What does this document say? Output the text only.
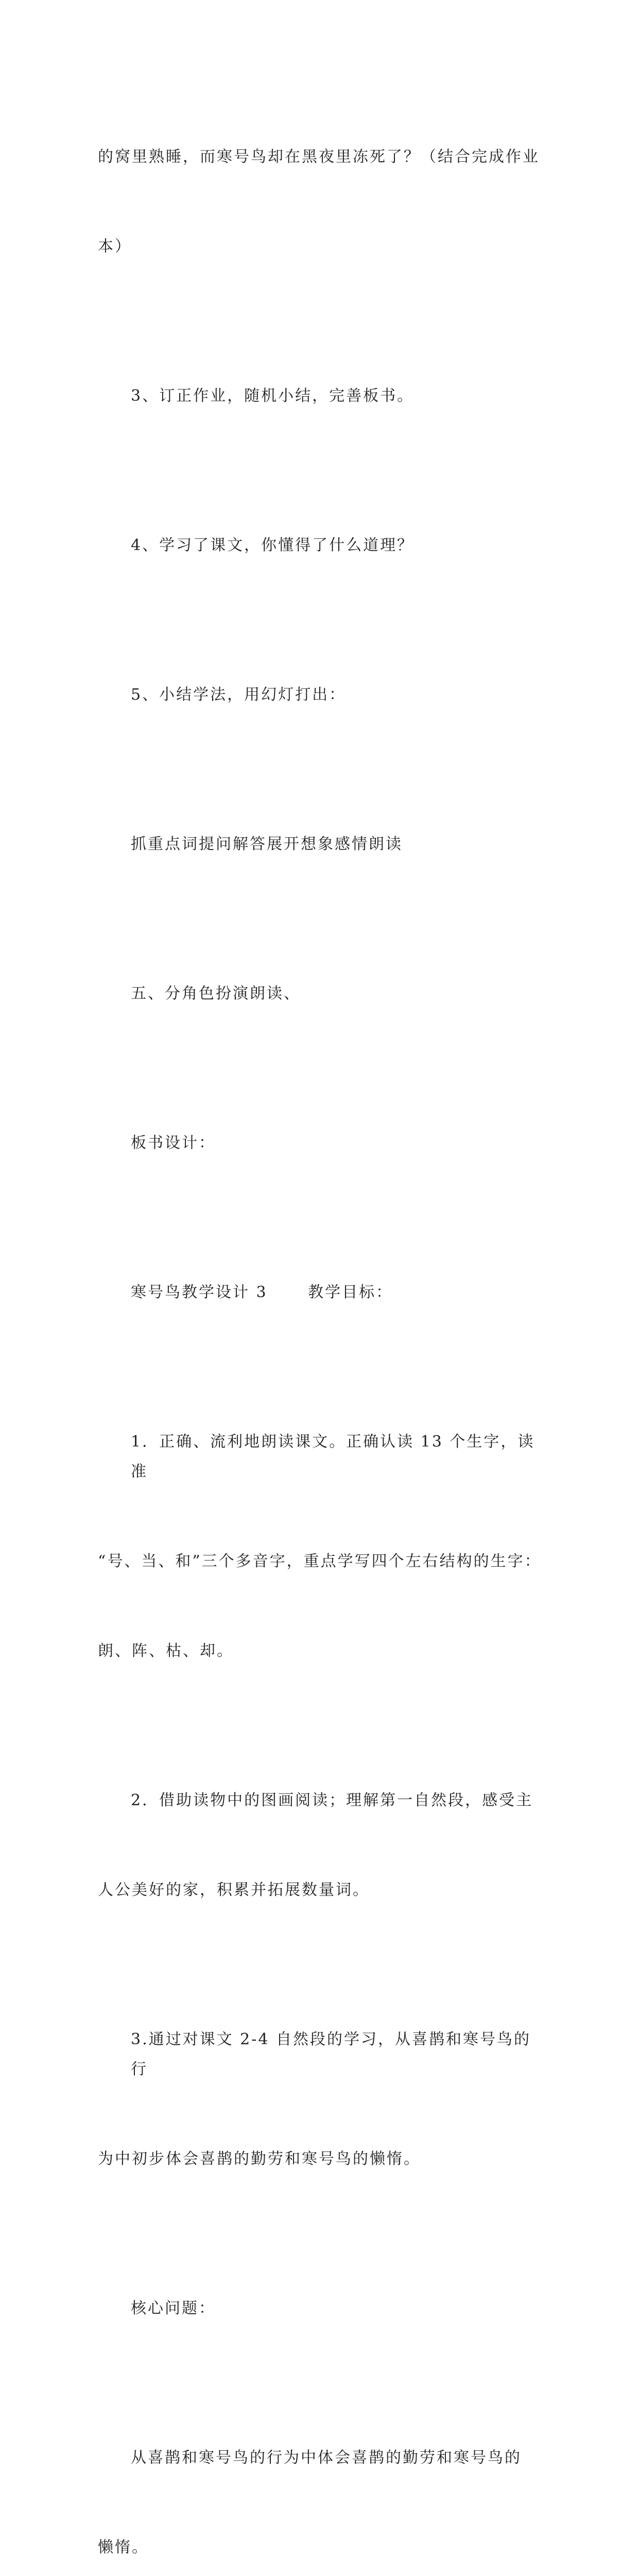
的窝里熟睡，而寒号鸟却在黑夜里冻死了？（结合完成作业

本）

3、订正作业，随机小结，完善板书。

4、学习了课文，你懂得了什么道理？

5、小结学法，用幻灯打出：

抓重点词提问解答展开想象感情朗读

五、分角色扮演朗读、

板书设计：

寒号鸟教学设计 3　　 教学目标：

1．正确、流利地朗读课文。正确认读 13 个生字，读准

“号、当、和”三个多音字，重点学写四个左右结构的生字：

朗、阵、枯、却。

2．借助读物中的图画阅读；理解第一自然段，感受主

人公美好的家，积累并拓展数量词。

3.通过对课文 2-4 自然段的学习，从喜鹊和寒号鸟的行

为中初步体会喜鹊的勤劳和寒号鸟的懒惰。

核心问题：

从喜鹊和寒号鸟的行为中体会喜鹊的勤劳和寒号鸟的

懒惰。
